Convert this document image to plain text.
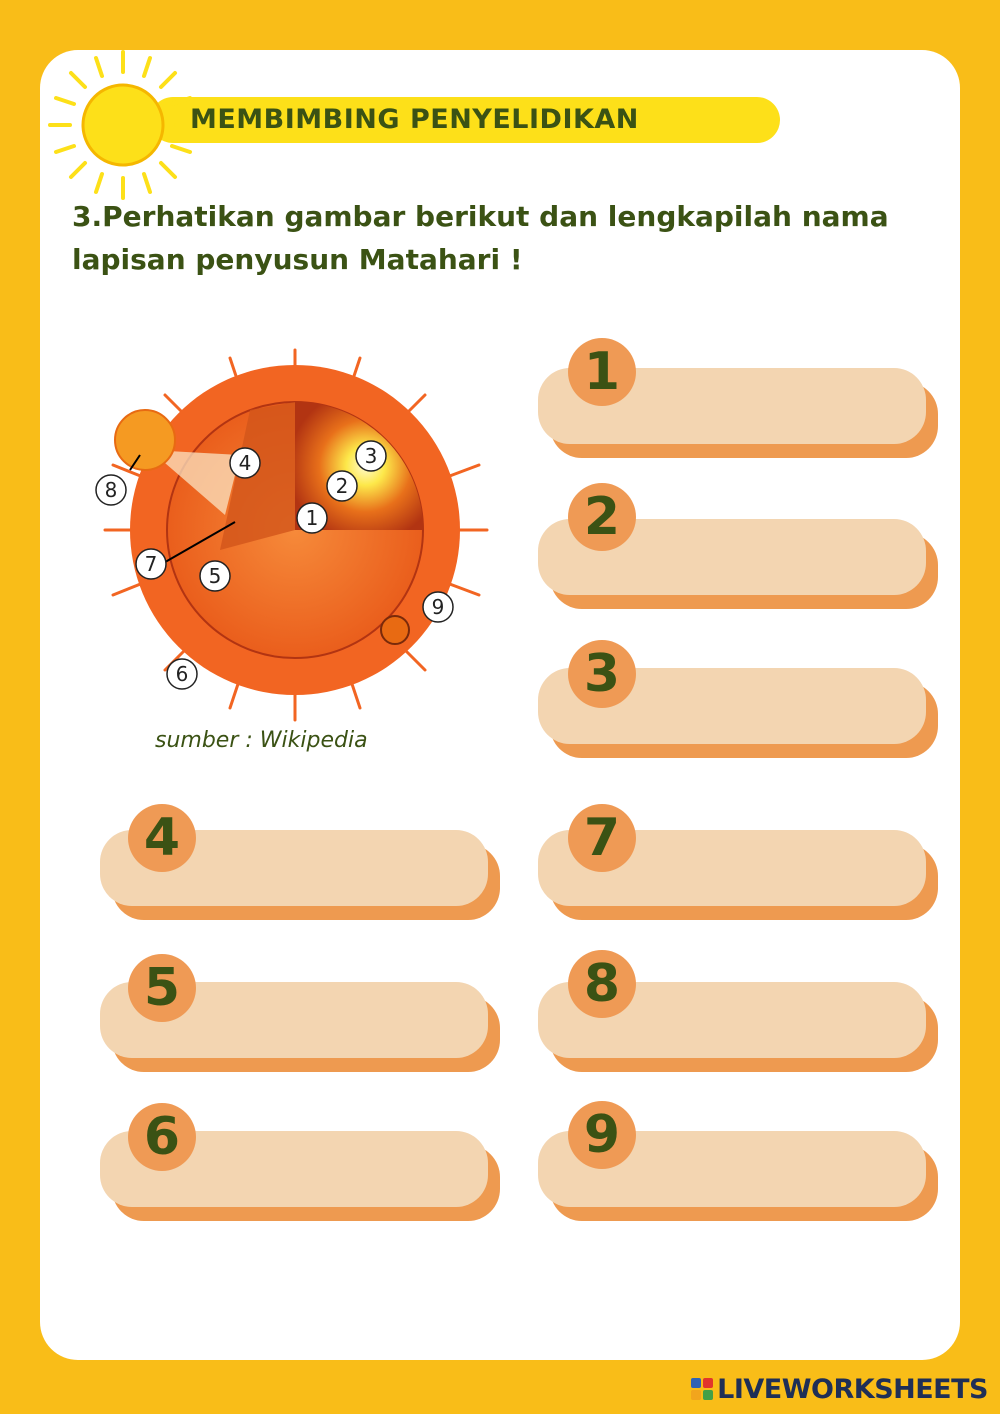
MEMBIMBING PENYELIDIKAN
3.Perhatikan gambar berikut dan lengkapilah nama lapisan penyusun Matahari !
1
2
3
4
5
6
7
8
9
sumber : Wikipedia
1
2
3
4
5
6
7
8
9
LIVEWORKSHEETS
